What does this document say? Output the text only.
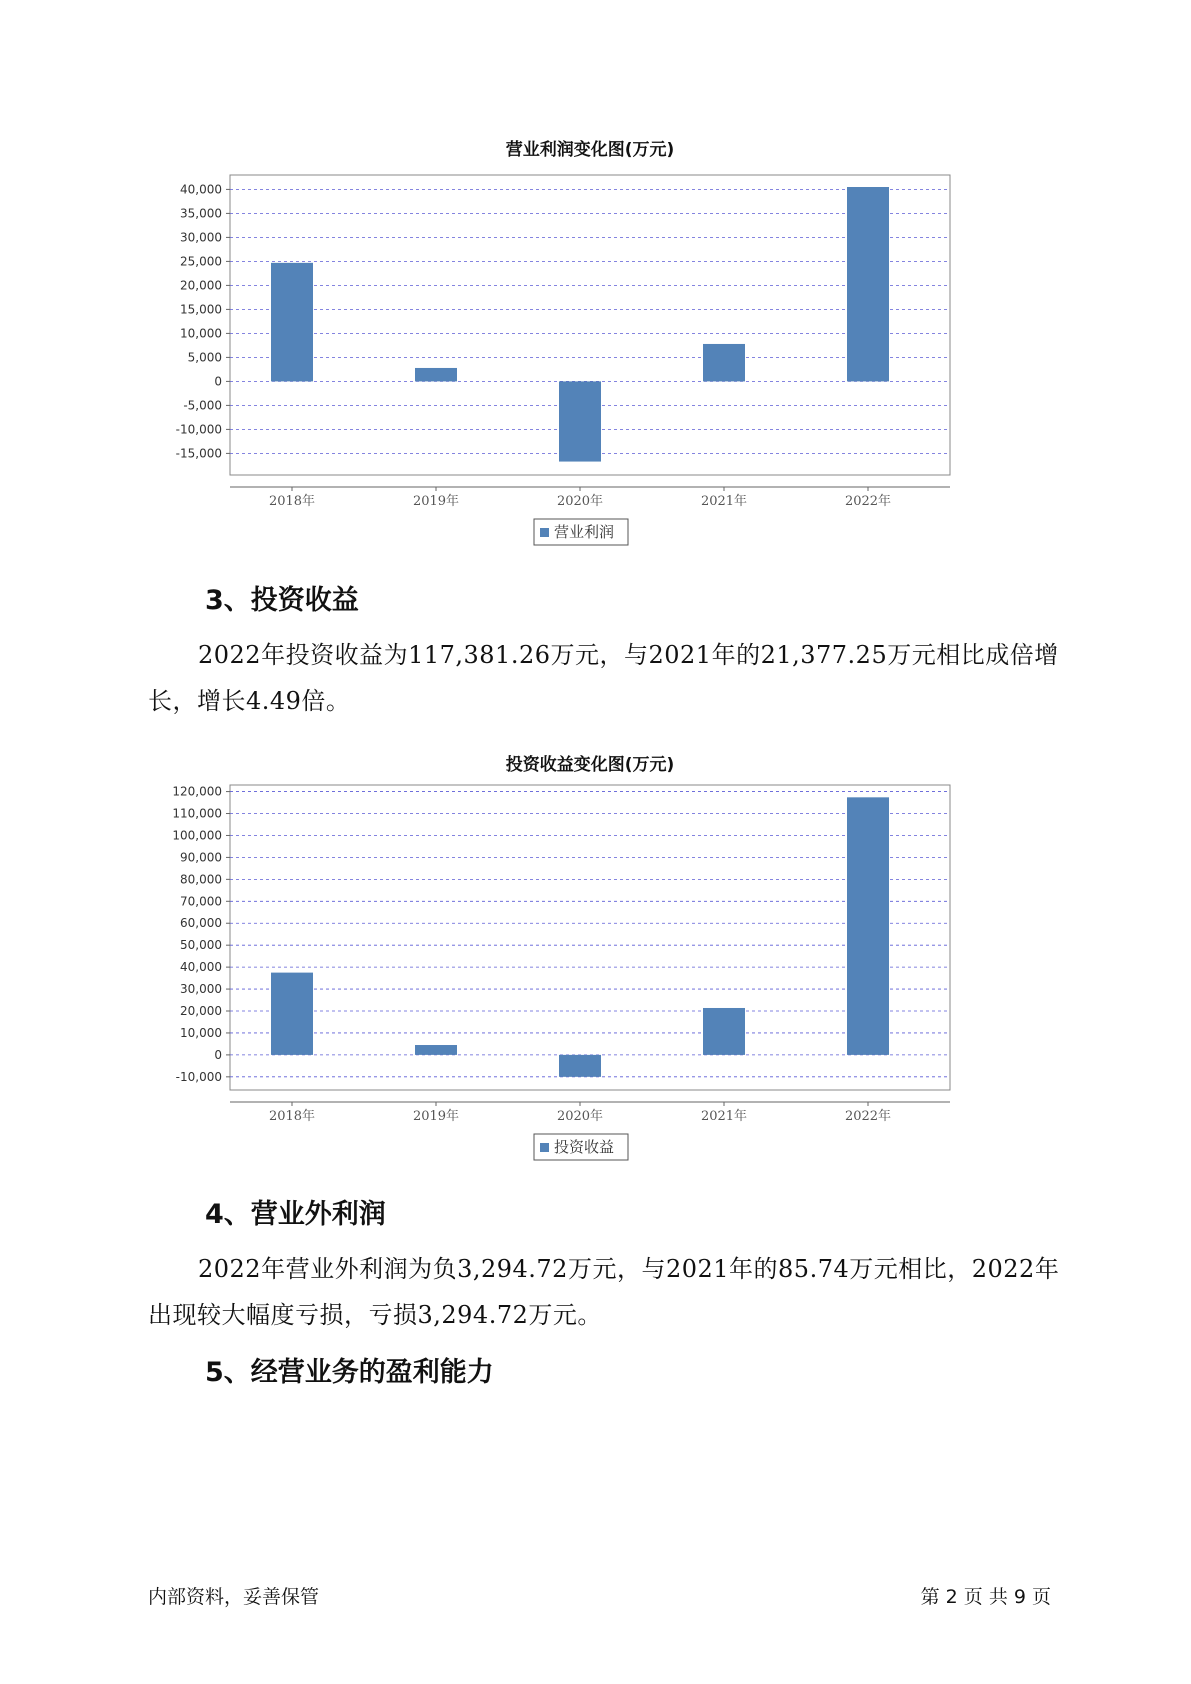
营业利润变化图(万元)
-15,000
-10,000
-5,000
0
5,000
10,000
15,000
20,000
25,000
30,000
35,000
40,000
2018年	2019年	2020年	2021年	2022年
营业利润
3、投资收益

2022年投资收益为117,381.26万元，与2021年的21,377.25万元相比成倍增长，增长4.49倍。

投资收益变化图(万元)
-10,000
0
10,000
20,000
30,000
40,000
50,000
60,000
70,000
80,000
90,000
100,000
110,000
120,000
2018年	2019年	2020年	2021年	2022年
投资收益
4、营业外利润

2022年营业外利润为负3,294.72万元，与2021年的85.74万元相比，2022年出现较大幅度亏损，亏损3,294.72万元。

5、经营业务的盈利能力
内部资料，妥善保管	第 2 页 共 9 页
